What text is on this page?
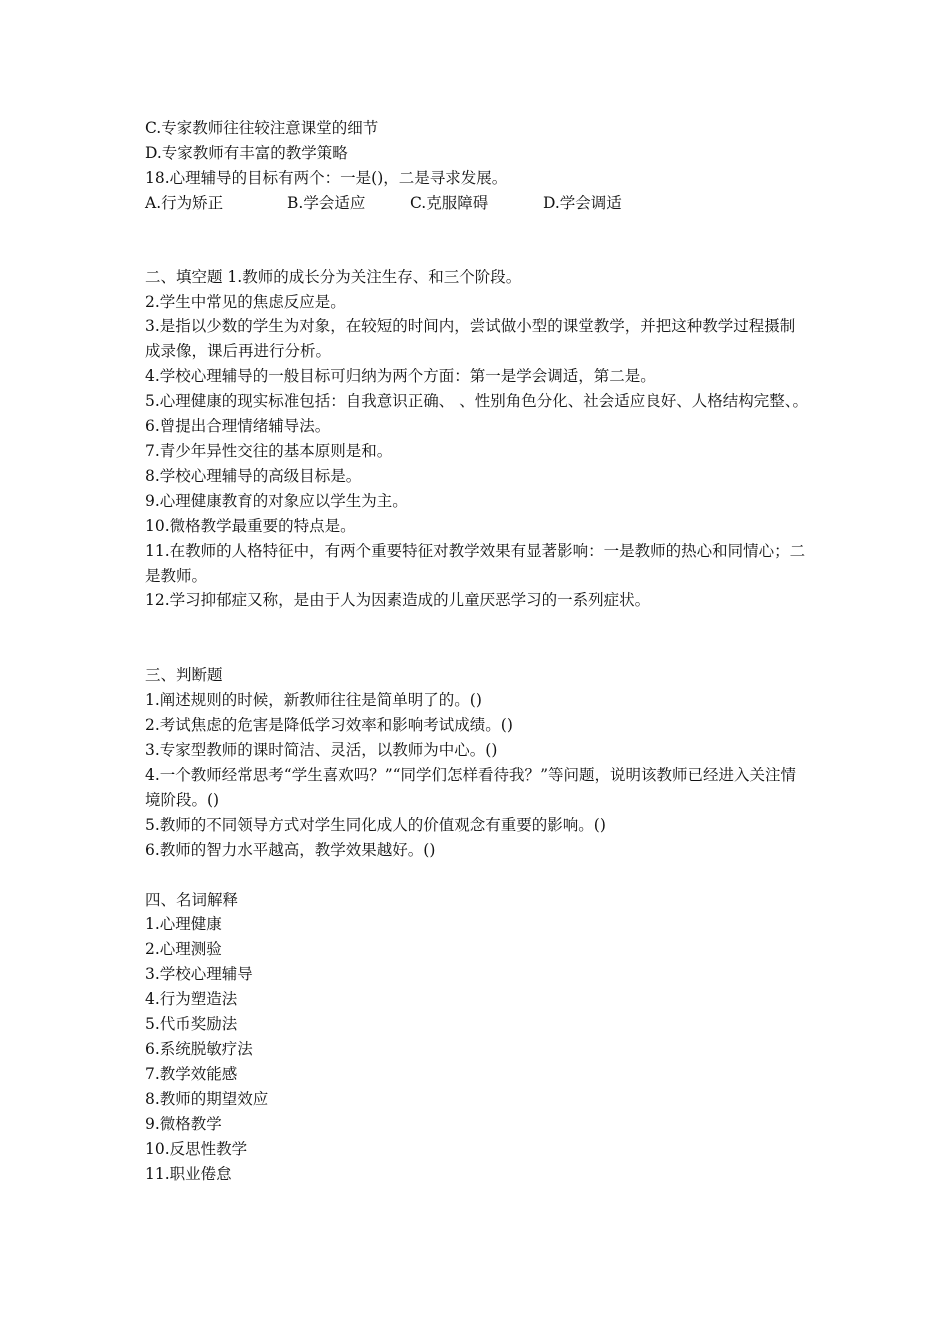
C.专家教师往往较注意课堂的细节
D.专家教师有丰富的教学策略
18.心理辅导的目标有两个：一是()，二是寻求发展。
A.行为矫正	B.学会适应	C.克服障碍	D.学会调适
二、填空题 1.教师的成长分为关注生存、和三个阶段。
2.学生中常见的焦虑反应是。
3.是指以少数的学生为对象，在较短的时间内，尝试做小型的课堂教学，并把这种教学过程摄制成录像，课后再进行分析。
4.学校心理辅导的一般目标可归纳为两个方面：第一是学会调适，第二是。
5.心理健康的现实标准包括：自我意识正确、 、性别角色分化、社会适应良好、人格结构完整、。
6.曾提出合理情绪辅导法。
7.青少年异性交往的基本原则是和。
8.学校心理辅导的高级目标是。
9.心理健康教育的对象应以学生为主。
10.微格教学最重要的特点是。
11.在教师的人格特征中，有两个重要特征对教学效果有显著影响：一是教师的热心和同情心；二是教师。
12.学习抑郁症又称，是由于人为因素造成的儿童厌恶学习的一系列症状。
三、判断题
1.阐述规则的时候，新教师往往是简单明了的。()
2.考试焦虑的危害是降低学习效率和影响考试成绩。()
3.专家型教师的课时简洁、灵活，以教师为中心。()
4.一个教师经常思考“学生喜欢吗？”“同学们怎样看待我？”等问题，说明该教师已经进入关注情境阶段。()
5.教师的不同领导方式对学生同化成人的价值观念有重要的影响。()
6.教师的智力水平越高，教学效果越好。()
四、名词解释
1.心理健康
2.心理测验
3.学校心理辅导
4.行为塑造法
5.代币奖励法
6.系统脱敏疗法
7.教学效能感
8.教师的期望效应
9.微格教学
10.反思性教学
11.职业倦怠
